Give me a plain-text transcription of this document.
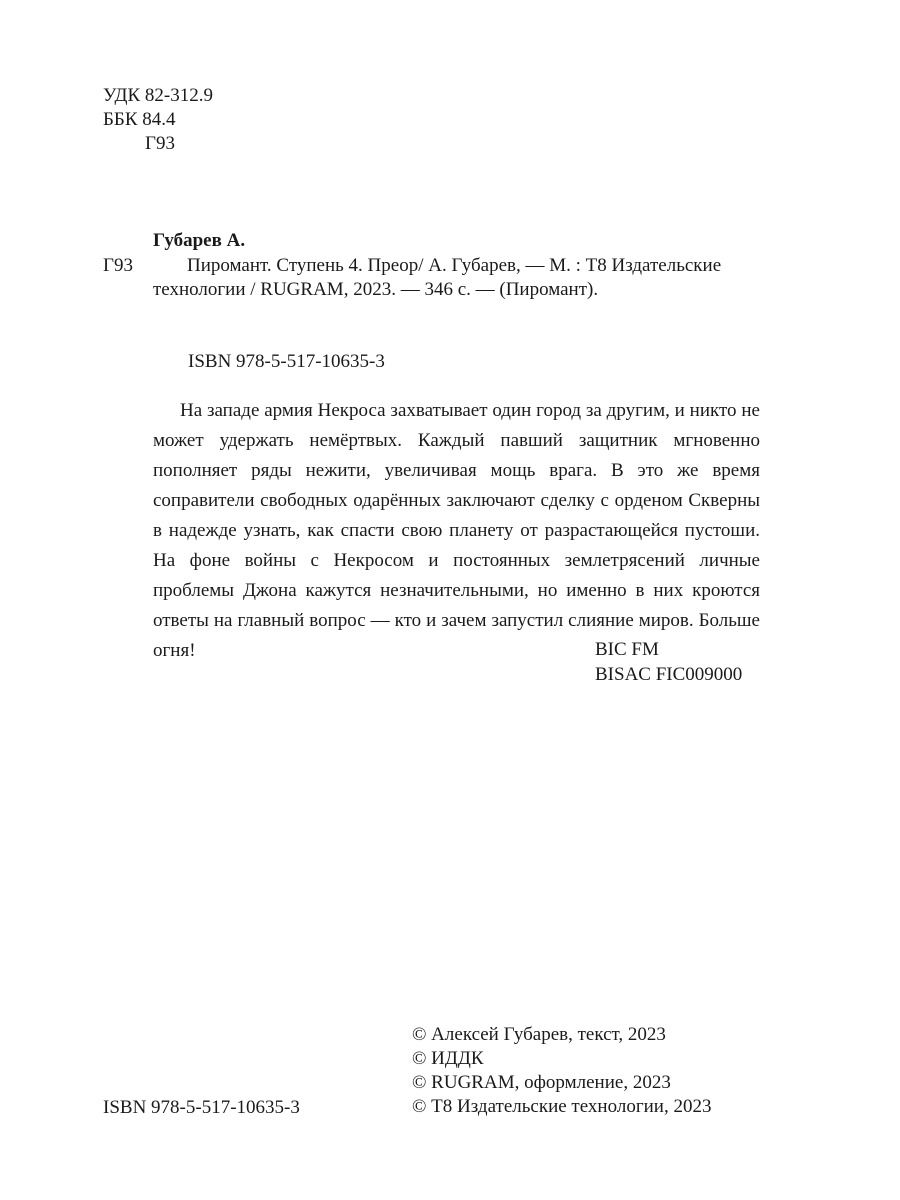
УДК 82-312.9
ББК 84.4
Г93
Губарев А.
Г93	Пиромант. Ступень 4. Преор/ А. Губарев, — М. : Т8 Издательские
технологии / RUGRAM, 2023. — 346 с. — (Пиромант).
ISBN 978-5-517-10635-3
На западе армия Некроса захватывает один город за другим, и никто не может удержать немёртвых. Каждый павший защитник мгновенно пополняет ряды нежити, увеличивая мощь врага. В это же время соправители свободных одарённых заключают сделку с орденом Скверны в надежде узнать, как спасти свою планету от разрастающейся пустоши. На фоне войны с Некросом и постоянных землетрясений личные проблемы Джона кажутся незначительными, но именно в них кроются ответы на главный вопрос — кто и зачем запустил слияние миров. Больше огня!	BIC FM
BISAC FIC009000
© Алексей Губарев, текст, 2023
© ИДДК
© RUGRAM, оформление, 2023
© Т8 Издательские технологии, 2023
ISBN 978-5-517-10635-3
